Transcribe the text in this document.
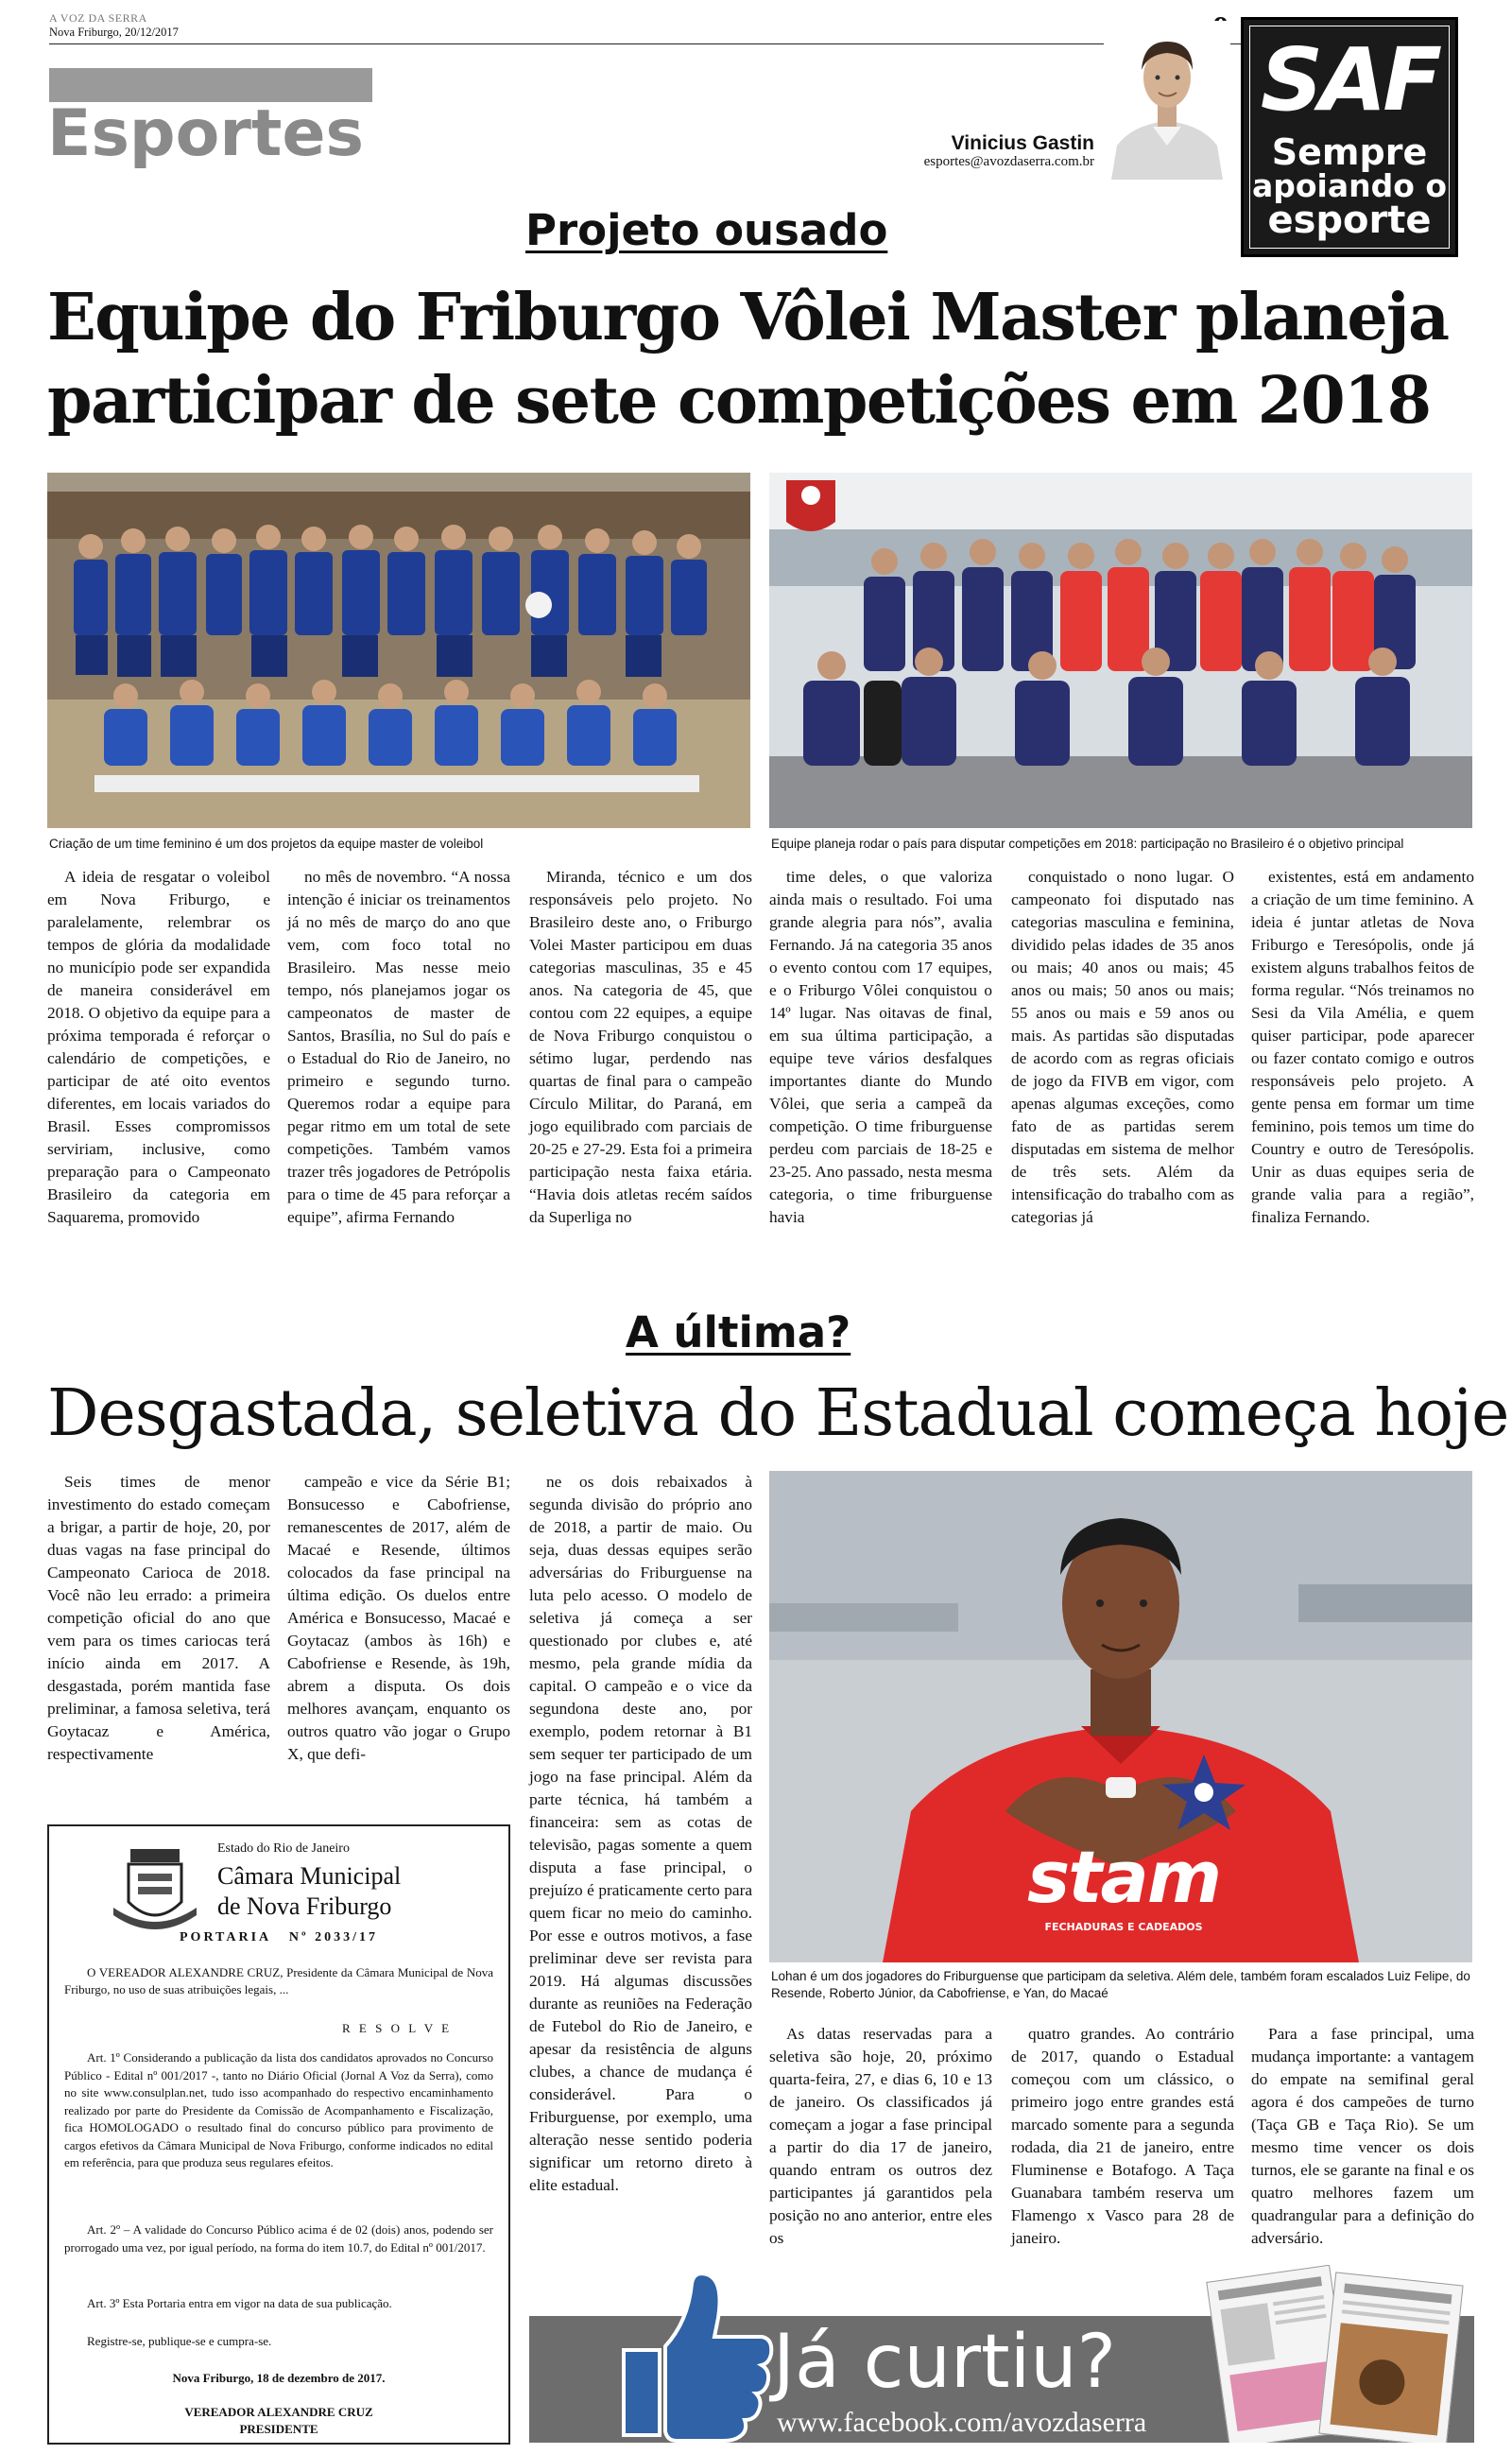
A VOZ DA SERRA
Nova Friburgo, 20/12/2017
Esportes	Vinicius Gastin
esportes@avozdaserra.com.br
SAF
Sempre
apoiando o
esporte
Projeto ousado
Equipe do Friburgo Vôlei Master planeja
participar de sete competições em 2018
Criação de um time feminino é um dos projetos da equipe master de voleibol	Equipe planeja rodar o país para disputar competições em 2018: participação no Brasileiro é o objetivo principal

A ideia de resgatar o voleibol em Nova Friburgo, e paralelamente, relembrar os tempos de glória da modalidade no município pode ser expandida de maneira considerável em 2018. O objetivo da equipe para a próxima temporada é reforçar o calendário de competições, e participar de até oito eventos diferentes, em locais variados do Brasil. Esses compromissos serviriam, inclusive, como preparação para o Campeonato Brasileiro da categoria em Saquarema, promovido

no mês de novembro. “A nossa intenção é iniciar os treinamentos já no mês de março do ano que vem, com foco total no Brasileiro. Mas nesse meio tempo, nós planejamos jogar os campeonatos de master de Santos, Brasília, no Sul do país e o Estadual do Rio de Janeiro, no primeiro e segundo turno. Queremos rodar a equipe para pegar ritmo em um total de sete competições. Também vamos trazer três jogadores de Petrópolis para o time de 45 para reforçar a equipe”, afirma Fernando

Miranda, técnico e um dos responsáveis pelo projeto. No Brasileiro deste ano, o Friburgo Volei Master participou em duas categorias masculinas, 35 e 45 anos. Na categoria de 45, que contou com 22 equipes, a equipe de Nova Friburgo conquistou o sétimo lugar, perdendo nas quartas de final para o campeão Círculo Militar, do Paraná, em jogo equilibrado com parciais de 20-25 e 27-29. Esta foi a primeira participação nesta faixa etária. “Havia dois atletas recém saídos da Superliga no

time deles, o que valoriza ainda mais o resultado. Foi uma grande alegria para nós”, avalia Fernando. Já na categoria 35 anos o evento contou com 17 equipes, e o Friburgo Vôlei conquistou o 14º lugar. Nas oitavas de final, em sua última participação, a equipe teve vários desfalques importantes diante do Mundo Vôlei, que seria a campeã da competição. O time friburguense perdeu com parciais de 18-25 e 23-25. Ano passado, nesta mesma categoria, o time friburguense havia

conquistado o nono lugar. O campeonato foi disputado nas categorias masculina e feminina, dividido pelas idades de 35 anos ou mais; 40 anos ou mais; 45 anos ou mais; 50 anos ou mais; 55 anos ou mais e 59 anos ou mais. As partidas são disputadas de acordo com as regras oficiais de jogo da FIVB em vigor, com apenas algumas exceções, como fato de as partidas serem disputadas em sistema de melhor de três sets. Além da intensificação do trabalho com as categorias já

existentes, está em andamento a criação de um time feminino. A ideia é juntar atletas de Nova Friburgo e Teresópolis, onde já existem alguns trabalhos feitos de forma regular. “Nós treinamos no Sesi da Vila Amélia, e quem quiser participar, pode aparecer ou fazer contato comigo e outros responsáveis pelo projeto. A gente pensa em formar um time feminino, pois temos um time do Country e outro de Teresópolis. Unir as duas equipes seria de grande valia para a região”, finaliza Fernando.

A última?
Desgastada, seletiva do Estadual começa hoje

Seis times de menor investimento do estado começam a brigar, a partir de hoje, 20, por duas vagas na fase principal do Campeonato Carioca de 2018. Você não leu errado: a primeira competição oficial do ano que vem para os times cariocas terá início ainda em 2017. A desgastada, porém mantida fase preliminar, a famosa seletiva, terá Goytacaz e América, respectivamente

campeão e vice da Série B1; Bonsucesso e Cabofriense, remanescentes de 2017, além de Macaé e Resende, últimos colocados da fase principal na última edição. Os duelos entre América e Bonsucesso, Macaé e Goytacaz (ambos às 16h) e Cabofriense e Resende, às 19h, abrem a disputa. Os dois melhores avançam, enquanto os outros quatro vão jogar o Grupo X, que defi-

ne os dois rebaixados à segunda divisão do próprio ano de 2018, a partir de maio. Ou seja, duas dessas equipes serão adversárias do Friburguense na luta pelo acesso. O modelo de seletiva já começa a ser questionado por clubes e, até mesmo, pela grande mídia da capital. O campeão e o vice da segundona deste ano, por exemplo, podem retornar à B1 sem sequer ter participado de um jogo na fase principal. Além da parte técnica, há também a financeira: sem as cotas de televisão, pagas somente a quem disputa a fase principal, o prejuízo é praticamente certo para quem ficar no meio do caminho. Por esse e outros motivos, a fase preliminar deve ser revista para 2019. Há algumas discussões durante as reuniões na Federação de Futebol do Rio de Janeiro, e apesar da resistência de alguns clubes, a chance de mudança é considerável. Para o Friburguense, por exemplo, uma alteração nesse sentido poderia significar um retorno direto à elite estadual.

stam
FECHADURAS E CADEADOS
Lohan é um dos jogadores do Friburguense que participam da seletiva. Além dele, também foram escalados Luiz Felipe, do Resende, Roberto Júnior, da Cabofriense, e Yan, do Macaé

As datas reservadas para a seletiva são hoje, 20, próximo quarta-feira, 27, e dias 6, 10 e 13 de janeiro. Os classificados já começam a jogar a fase principal a partir do dia 17 de janeiro, quando entram os outros dez participantes já garantidos pela posição no ano anterior, entre eles os

quatro grandes. Ao contrário de 2017, quando o Estadual começou com um clássico, o primeiro jogo entre grandes está marcado somente para a segunda rodada, dia 21 de janeiro, entre Fluminense e Botafogo. A Taça Guanabara também reserva um Flamengo x Vasco para 28 de janeiro.

Para a fase principal, uma mudança importante: a vantagem do empate na semifinal geral agora é dos campeões de turno (Taça GB e Taça Rio). Se um mesmo time vencer os dois turnos, ele se garante na final e os quatro melhores fazem um quadrangular para a definição do adversário.

Estado do Rio de Janeiro
Câmara Municipal
de Nova Friburgo
PORTARIA   Nº 2033/17
O VEREADOR ALEXANDRE CRUZ, Presidente da Câmara Municipal de Nova Friburgo, no uso de suas atribuições legais, ...
R E S O L V E
Art. 1º Considerando a publicação da lista dos candidatos aprovados no Concurso Público - Edital nº 001/2017 -, tanto no Diário Oficial (Jornal A Voz da Serra), como no site www.consulplan.net, tudo isso acompanhado do respectivo encaminhamento realizado por parte do Presidente da Comissão de Acompanhamento e Fiscalização, fica HOMOLOGADO o resultado final do concurso público para provimento de cargos efetivos da Câmara Municipal de Nova Friburgo, conforme indicados no edital em referência, para que produza seus regulares efeitos.
Art. 2º – A validade do Concurso Público acima é de 02 (dois) anos, podendo ser prorrogado uma vez, por igual período, na forma do item 10.7, do Edital nº 001/2017.
Art. 3º Esta Portaria entra em vigor na data de sua publicação.
Registre-se, publique-se e cumpra-se.
Nova Friburgo, 18 de dezembro de 2017.
VEREADOR ALEXANDRE CRUZ
PRESIDENTE
Já curtiu?
www.facebook.com/avozdaserra
